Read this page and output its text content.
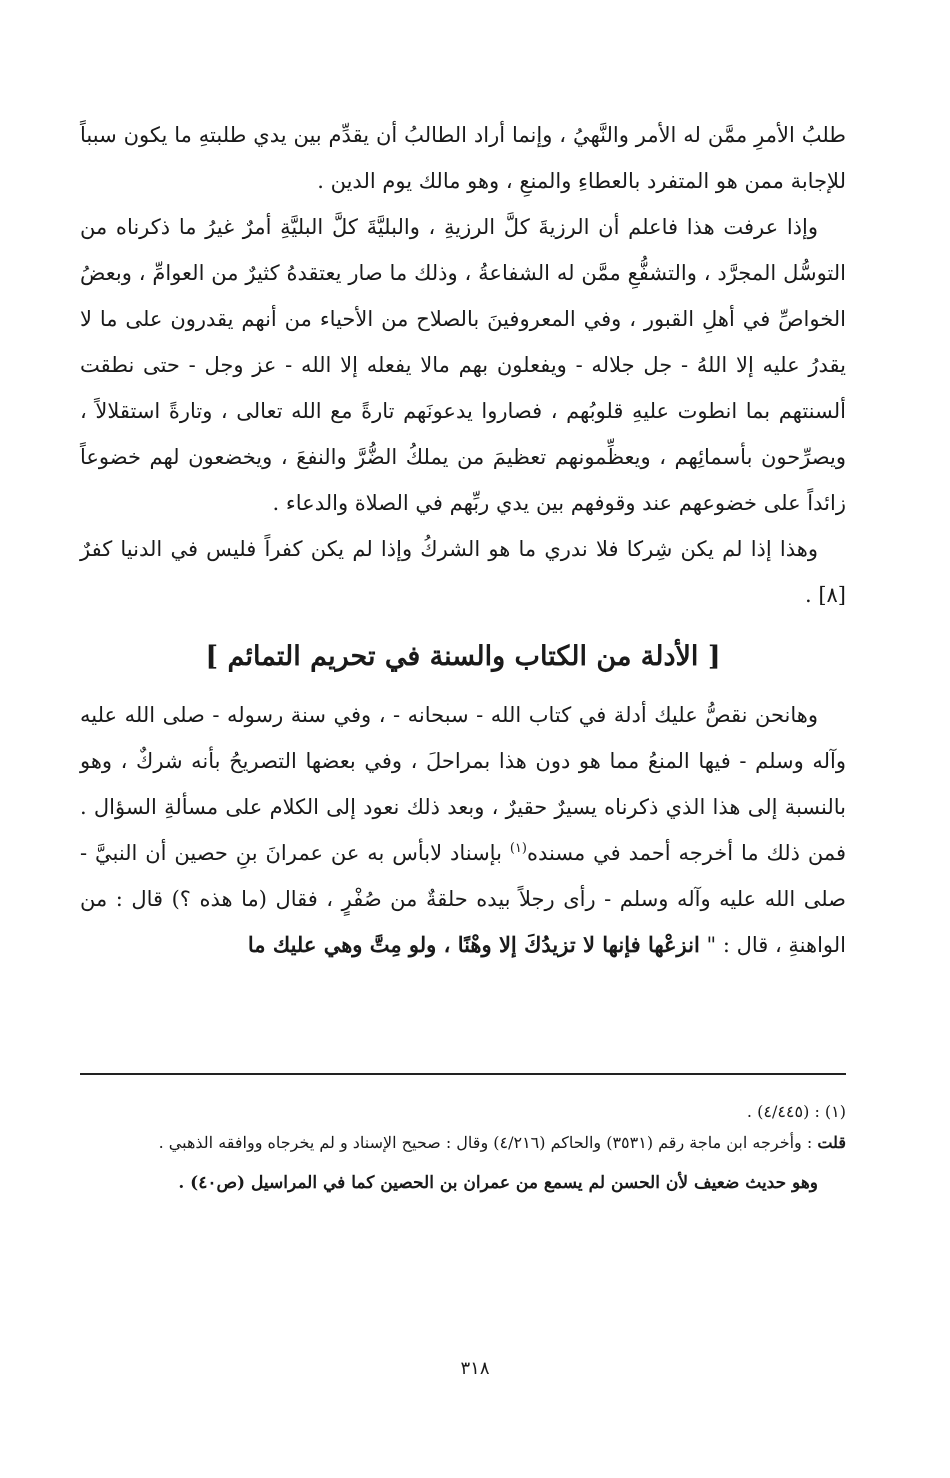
طلبُ الأمرِ ممَّن له الأمر والنَّهيُ ، وإنما أراد الطالبُ أن يقدِّم بين يدي طلبتهِ ما يكون سبباً للإجابة ممن هو المتفرد بالعطاءِ والمنعِ ، وهو مالك يوم الدين .

وإذا عرفت هذا فاعلم أن الرزيةَ كلَّ الرزيةِ ، والبليَّةَ كلَّ البليَّةِ أمرٌ غيرُ ما ذكرناه من التوسُّل المجرَّد ، والتشفُّعِ ممَّن له الشفاعةُ ، وذلك ما صار يعتقدهُ كثيرٌ من العوامِّ ، وبعضُ الخواصِّ في أهلِ القبور ، وفي المعروفينَ بالصلاح من الأحياء من أنهم يقدرون على ما لا يقدرُ عليه إلا اللهُ - جل جلاله - ويفعلون بهم مالا يفعله إلا الله - عز وجل - حتى نطقت ألسنتهم بما انطوت عليهِ قلوبُهم ، فصاروا يدعونَهم تارةً مع الله تعالى ، وتارةً استقلالاً ، ويصرِّحون بأسمائِهم ، ويعظِّمونهم تعظيمَ من يملكُ الضُّرَّ والنفعَ ، ويخضعون لهم خضوعاً زائداً على خضوعهم عند وقوفهم بين يدي ربِّهم في الصلاة والدعاء .

وهذا إذا لم يكن شِركا فلا ندري ما هو الشركُ وإذا لم يكن كفراً فليس في الدنيا كفرٌ [٨] .

[ الأدلة من الكتاب والسنة في تحريم التمائم ]

وهانحن نقصُّ عليك أدلة في كتاب الله - سبحانه - ، وفي سنة رسوله - صلى الله عليه وآله وسلم - فيها المنعُ مما هو دون هذا بمراحلَ ، وفي بعضها التصريحُ بأنه شركٌ ، وهو بالنسبة إلى هذا الذي ذكرناه يسيرٌ حقيرٌ ، وبعد ذلك نعود إلى الكلام على مسألةِ السؤال . فمن ذلك ما أخرجه أحمد في مسنده$^{(١)}$ بإسناد لابأس به عن عمرانَ بنِ حصين أن النبيَّ - صلى الله عليه وآله وسلم - رأى رجلاً بيده حلقةٌ من صُفْرٍ ، فقال (ما هذه ؟) قال : من الواهنةِ ، قال : " انزعْها فإنها لا تزيدُكَ إلا وهْنًا ، ولو مِتَّ وهي عليك ما

(١) : (٤/٤٤٥) .

قلت : وأخرجه ابن ماجة رقم (٣٥٣١) والحاكم (٤/٢١٦) وقال : صحيح الإسناد و لم يخرجاه ووافقه الذهبي .

وهو حديث ضعيف لأن الحسن لم يسمع من عمران بن الحصين كما في المراسيل (ص٤٠) .

٣١٨
